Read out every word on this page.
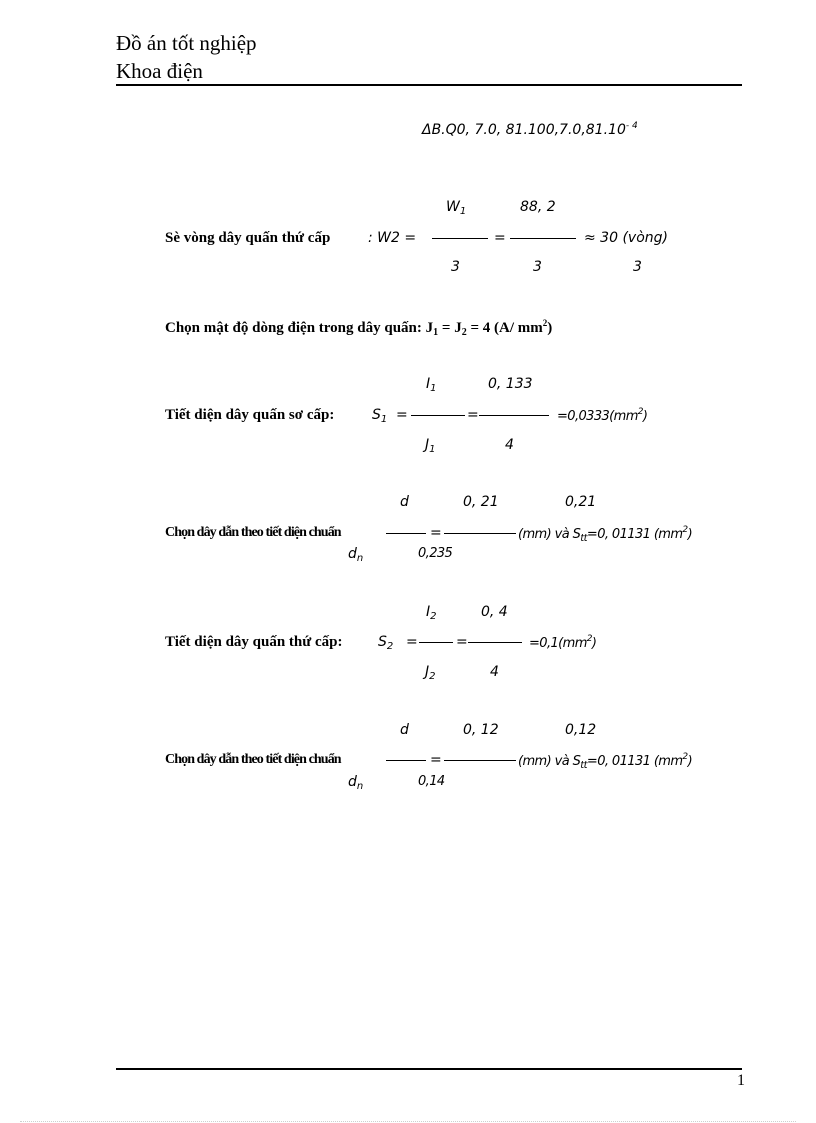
Đồ án tốt nghiệp
Khoa điện
ΔB.Q0, 7.0, $81.100,7.0,81.10^{- 4}$
$W_1$	88, 2
Sè vòng dây quấn thứ cấp	: W2 =	=	≈ 30 (vòng)
3	3	3
Chọn mật độ dòng điện trong dây quấn: $J_1 = J_2 = 4$ (A/ $mm^2$)
$I_1$	0, 133
Tiết diện dây quấn sơ cấp:	$S_1$ =	=	$=0,0333(mm^2)$
$J_1$	4
d	0, 21	0,21
Chọn dây dẫn theo tiết diện chuẩn	=	(mm) và $S_{tt}=0$, 01131 $(mm^2)$
$d_n$	0,235
$I_2$	0, 4
Tiết diện dây quấn thứ cấp:	$S_2$ =	=	$=0,1(mm^2)$
$J_2$	4
d	0, 12	0,12
Chọn dây dẫn theo tiết diện chuẩn	=	(mm) và $S_{tt}=0$, 01131 $(mm^2)$
$d_n$	0,14
1
